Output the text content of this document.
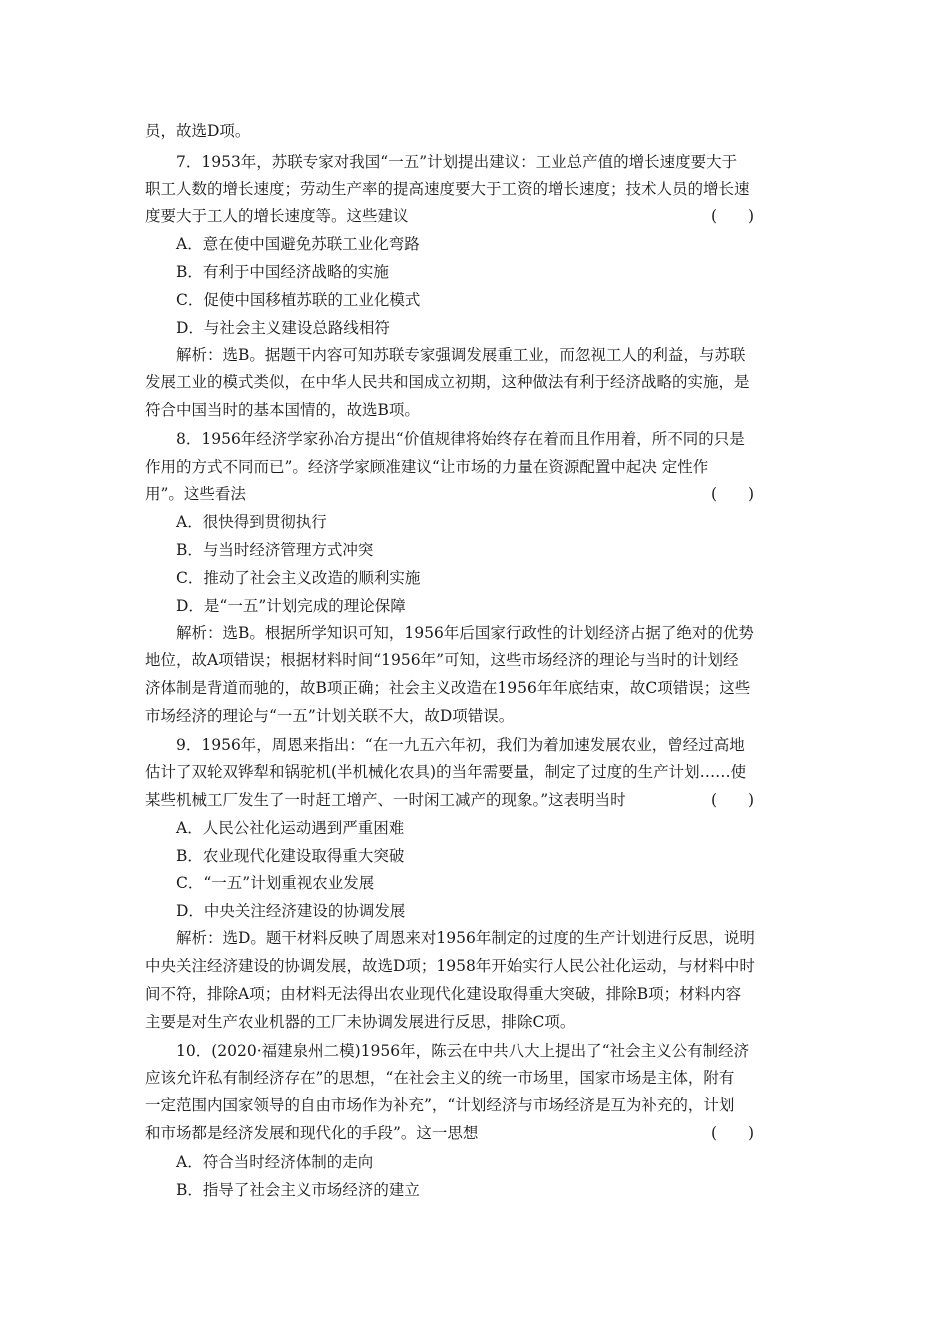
员，故选D项。
7．1953年，苏联专家对我国“一五”计划提出建议：工业总产值的增长速度要大于
职工人数的增长速度；劳动生产率的提高速度要大于工资的增长速度；技术人员的增长速
度要大于工人的增长速度等。这些建议	(　　)
A．意在使中国避免苏联工业化弯路
B．有利于中国经济战略的实施
C．促使中国移植苏联的工业化模式
D．与社会主义建设总路线相符
解析：选B。据题干内容可知苏联专家强调发展重工业，而忽视工人的利益，与苏联
发展工业的模式类似，在中华人民共和国成立初期，这种做法有利于经济战略的实施，是
符合中国当时的基本国情的，故选B项。
8．1956年经济学家孙冶方提出“价值规律将始终存在着而且作用着，所不同的只是
作用的方式不同而已”。经济学家顾准建议“让市场的力量在资源配置中起决 定性作
用”。这些看法	(　　)
A．很快得到贯彻执行
B．与当时经济管理方式冲突
C．推动了社会主义改造的顺利实施
D．是“一五”计划完成的理论保障
解析：选B。根据所学知识可知，1956年后国家行政性的计划经济占据了绝对的优势
地位，故A项错误；根据材料时间“1956年”可知，这些市场经济的理论与当时的计划经
济体制是背道而驰的，故B项正确；社会主义改造在1956年年底结束，故C项错误；这些
市场经济的理论与“一五”计划关联不大，故D项错误。
9．1956年，周恩来指出：“在一九五六年初，我们为着加速发展农业，曾经过高地
估计了双轮双铧犁和锅驼机(半机械化农具)的当年需要量，制定了过度的生产计划……使
某些机械工厂发生了一时赶工增产、一时闲工减产的现象。”这表明当时	(　　)
A．人民公社化运动遇到严重困难
B．农业现代化建设取得重大突破
C．“一五”计划重视农业发展
D．中央关注经济建设的协调发展
解析：选D。题干材料反映了周恩来对1956年制定的过度的生产计划进行反思，说明
中央关注经济建设的协调发展，故选D项；1958年开始实行人民公社化运动，与材料中时
间不符，排除A项；由材料无法得出农业现代化建设取得重大突破，排除B项；材料内容
主要是对生产农业机器的工厂未协调发展进行反思，排除C项。
10．(2020·福建泉州二模)1956年，陈云在中共八大上提出了“社会主义公有制经济
应该允许私有制经济存在”的思想，“在社会主义的统一市场里，国家市场是主体，附有
一定范围内国家领导的自由市场作为补充”，“计划经济与市场经济是互为补充的，计划
和市场都是经济发展和现代化的手段”。这一思想	(　　)
A．符合当时经济体制的走向
B．指导了社会主义市场经济的建立
